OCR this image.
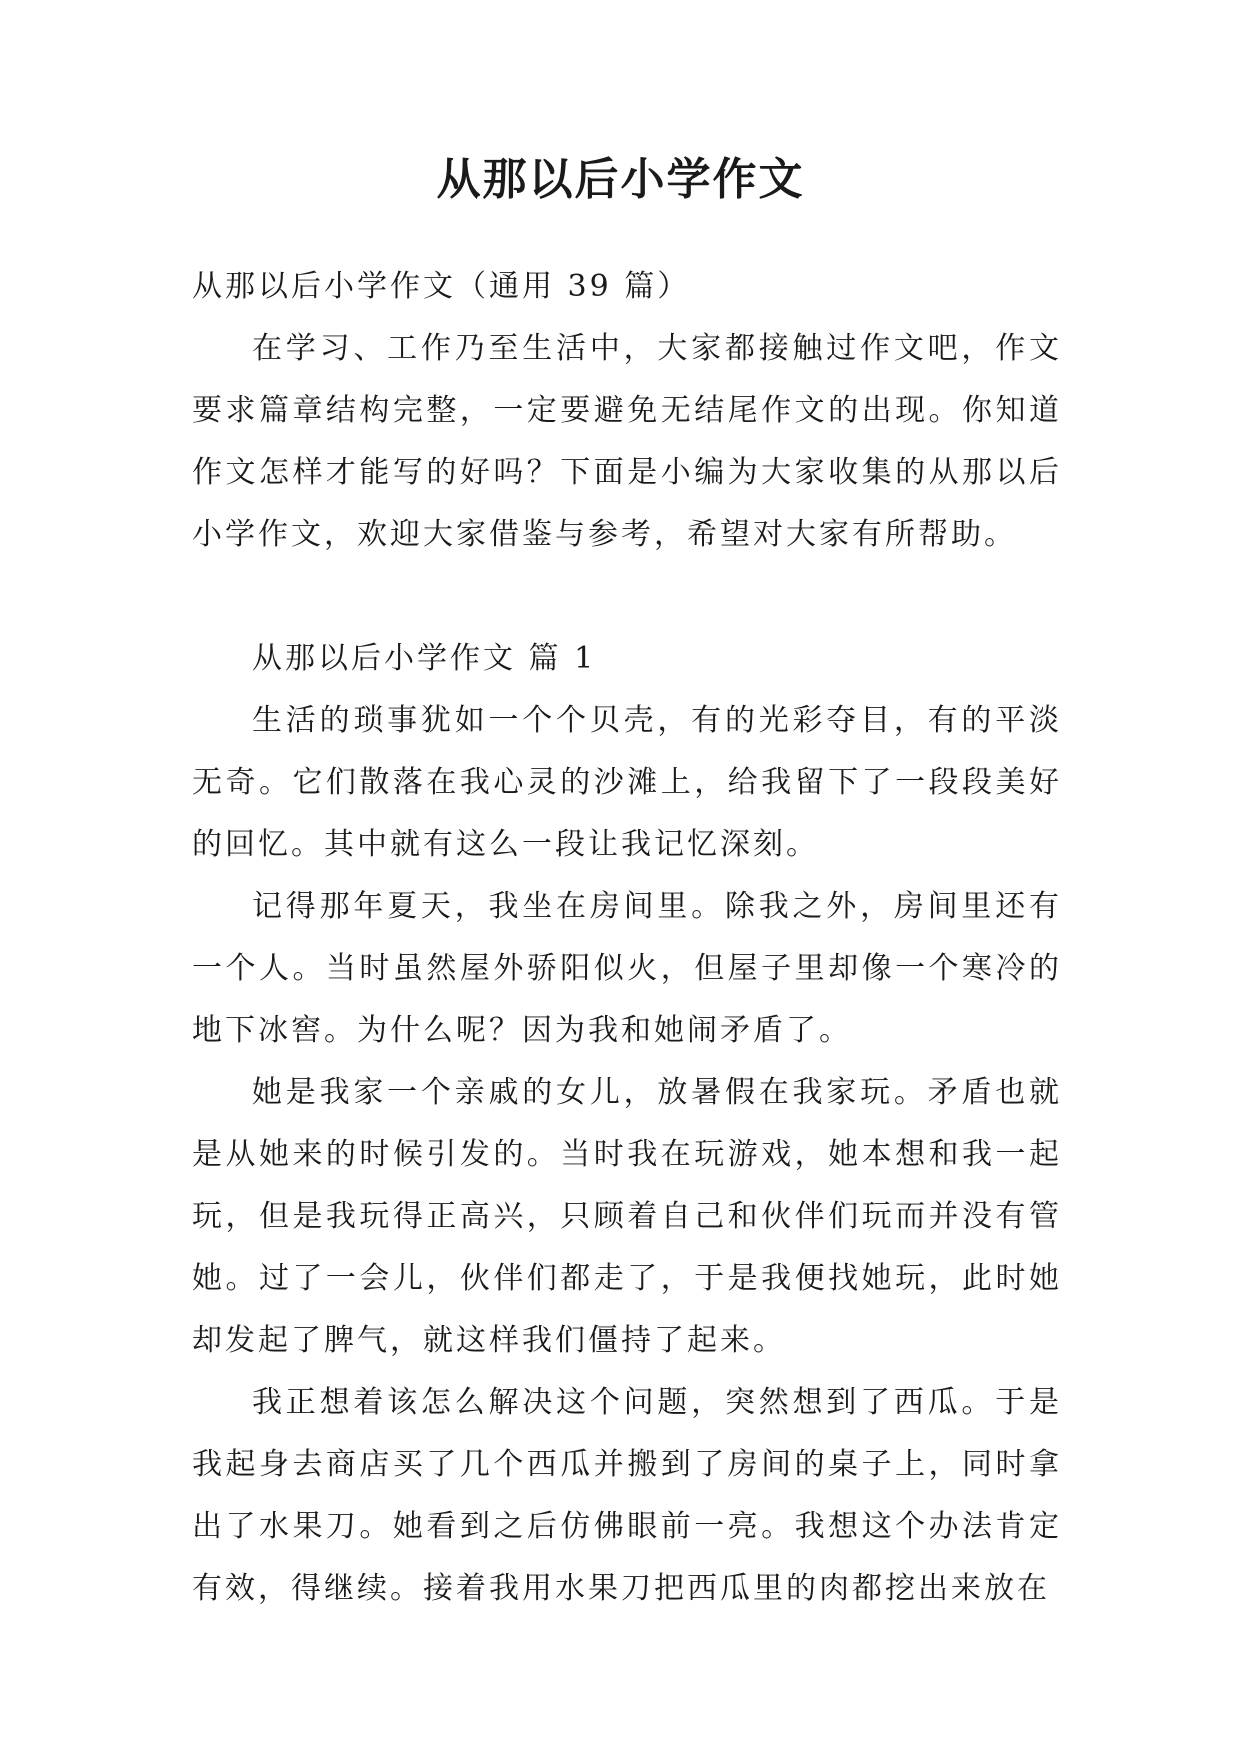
从那以后小学作文

从那以后小学作文（通用 39 篇）

在学习、工作乃至生活中，大家都接触过作文吧，作文要求篇章结构完整，一定要避免无结尾作文的出现。你知道作文怎样才能写的好吗？下面是小编为大家收集的从那以后小学作文，欢迎大家借鉴与参考，希望对大家有所帮助。

从那以后小学作文 篇 1

生活的琐事犹如一个个贝壳，有的光彩夺目，有的平淡无奇。它们散落在我心灵的沙滩上，给我留下了一段段美好的回忆。其中就有这么一段让我记忆深刻。

记得那年夏天，我坐在房间里。除我之外，房间里还有一个人。当时虽然屋外骄阳似火，但屋子里却像一个寒冷的地下冰窖。为什么呢？因为我和她闹矛盾了。

她是我家一个亲戚的女儿，放暑假在我家玩。矛盾也就是从她来的时候引发的。当时我在玩游戏，她本想和我一起玩，但是我玩得正高兴，只顾着自己和伙伴们玩而并没有管她。过了一会儿，伙伴们都走了，于是我便找她玩，此时她却发起了脾气，就这样我们僵持了起来。

我正想着该怎么解决这个问题，突然想到了西瓜。于是我起身去商店买了几个西瓜并搬到了房间的桌子上，同时拿出了水果刀。她看到之后仿佛眼前一亮。我想这个办法肯定有效，得继续。接着我用水果刀把西瓜里的肉都挖出来放在
